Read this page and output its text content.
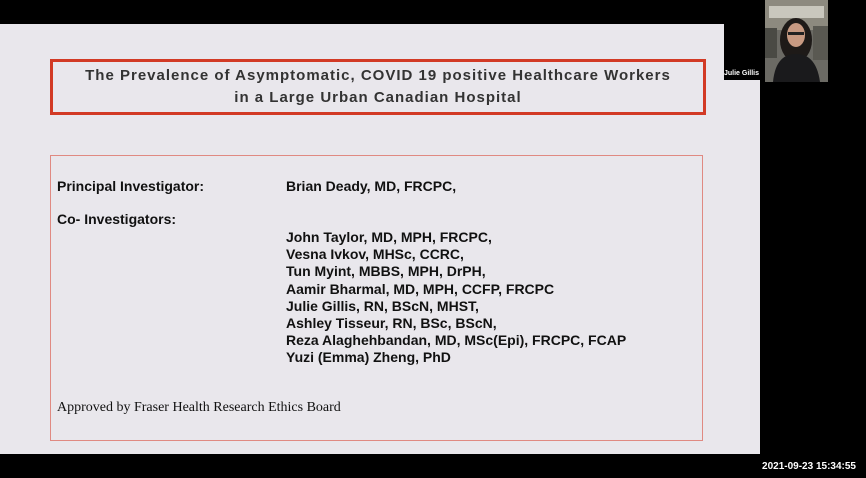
The Prevalence of Asymptomatic, COVID 19 positive Healthcare Workers
in a Large Urban Canadian Hospital
Principal Investigator:	Brian Deady, MD, FRCPC,
Co- Investigators:
John Taylor, MD, MPH, FRCPC,
Vesna Ivkov, MHSc, CCRC,
Tun Myint, MBBS, MPH, DrPH,
Aamir Bharmal, MD, MPH, CCFP, FRCPC
Julie Gillis, RN, BScN, MHST,
Ashley Tisseur, RN, BSc, BScN,
Reza Alaghehbandan, MD, MSc(Epi), FRCPC, FCAP
Yuzi (Emma) Zheng, PhD
Approved by Fraser Health Research Ethics Board
Julie Gillis
2021-09-23 15:34:55
